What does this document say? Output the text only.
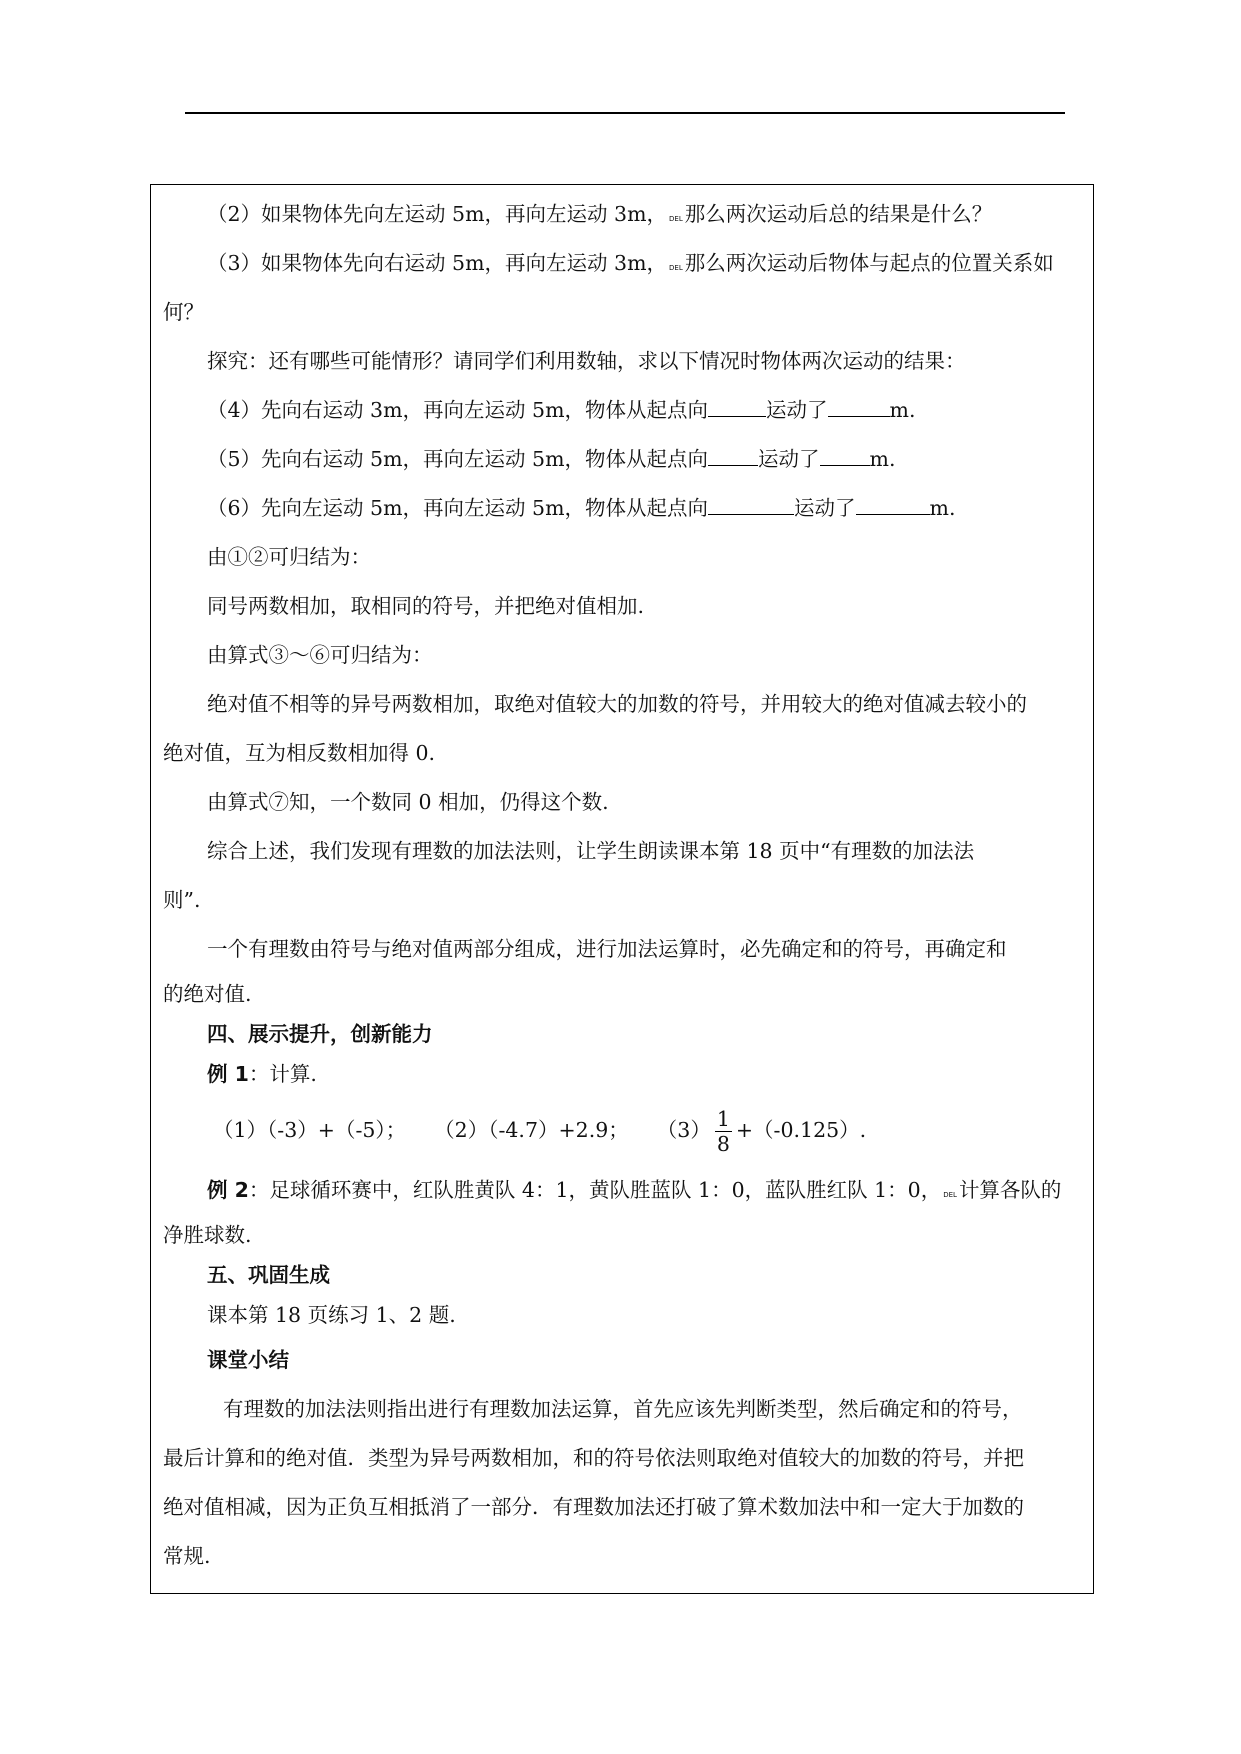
（2）如果物体先向左运动 5m，再向左运动 3m， DEL那么两次运动后总的结果是什么？

（3）如果物体先向右运动 5m，再向左运动 3m， DEL那么两次运动后物体与起点的位置关系如

何？

探究：还有哪些可能情形？请同学们利用数轴，求以下情况时物体两次运动的结果：

（4）先向右运动 3m，再向左运动 5m，物体从起点向	运动了	m.

（5）先向右运动 5m，再向左运动 5m，物体从起点向 运动了 m.

（6）先向左运动 5m，再向左运动 5m，物体从起点向	运动了	m.

由①②可归结为：

同号两数相加，取相同的符号，并把绝对值相加.

由算式③～⑥可归结为：

绝对值不相等的异号两数相加，取绝对值较大的加数的符号，并用较大的绝对值减去较小的

绝对值，互为相反数相加得 0.

由算式⑦知，一个数同 0 相加，仍得这个数.

综合上述，我们发现有理数的加法法则，让学生朗读课本第 18 页中“有理数的加法法

则”.

一个有理数由符号与绝对值两部分组成，进行加法运算时，必先确定和的符号，再确定和

的绝对值.

四、展示提升，创新能力

例 1：计算.

（1）（-3）+（-5）； （2）（-4.7）+2.9； $(3) \frac{1}{8} +(-0.125)$.

例 2：足球循环赛中，红队胜黄队 4：1，黄队胜蓝队 1：0，蓝队胜红队 1：0， DEL计算各队的

净胜球数.

五、巩固生成

课本第 18 页练习 1、2 题.

课堂小结

有理数的加法法则指出进行有理数加法运算，首先应该先判断类型，然后确定和的符号，

最后计算和的绝对值．类型为异号两数相加，和的符号依法则取绝对值较大的加数的符号，并把

绝对值相减，因为正负互相抵消了一部分．有理数加法还打破了算术数加法中和一定大于加数的

常规.
